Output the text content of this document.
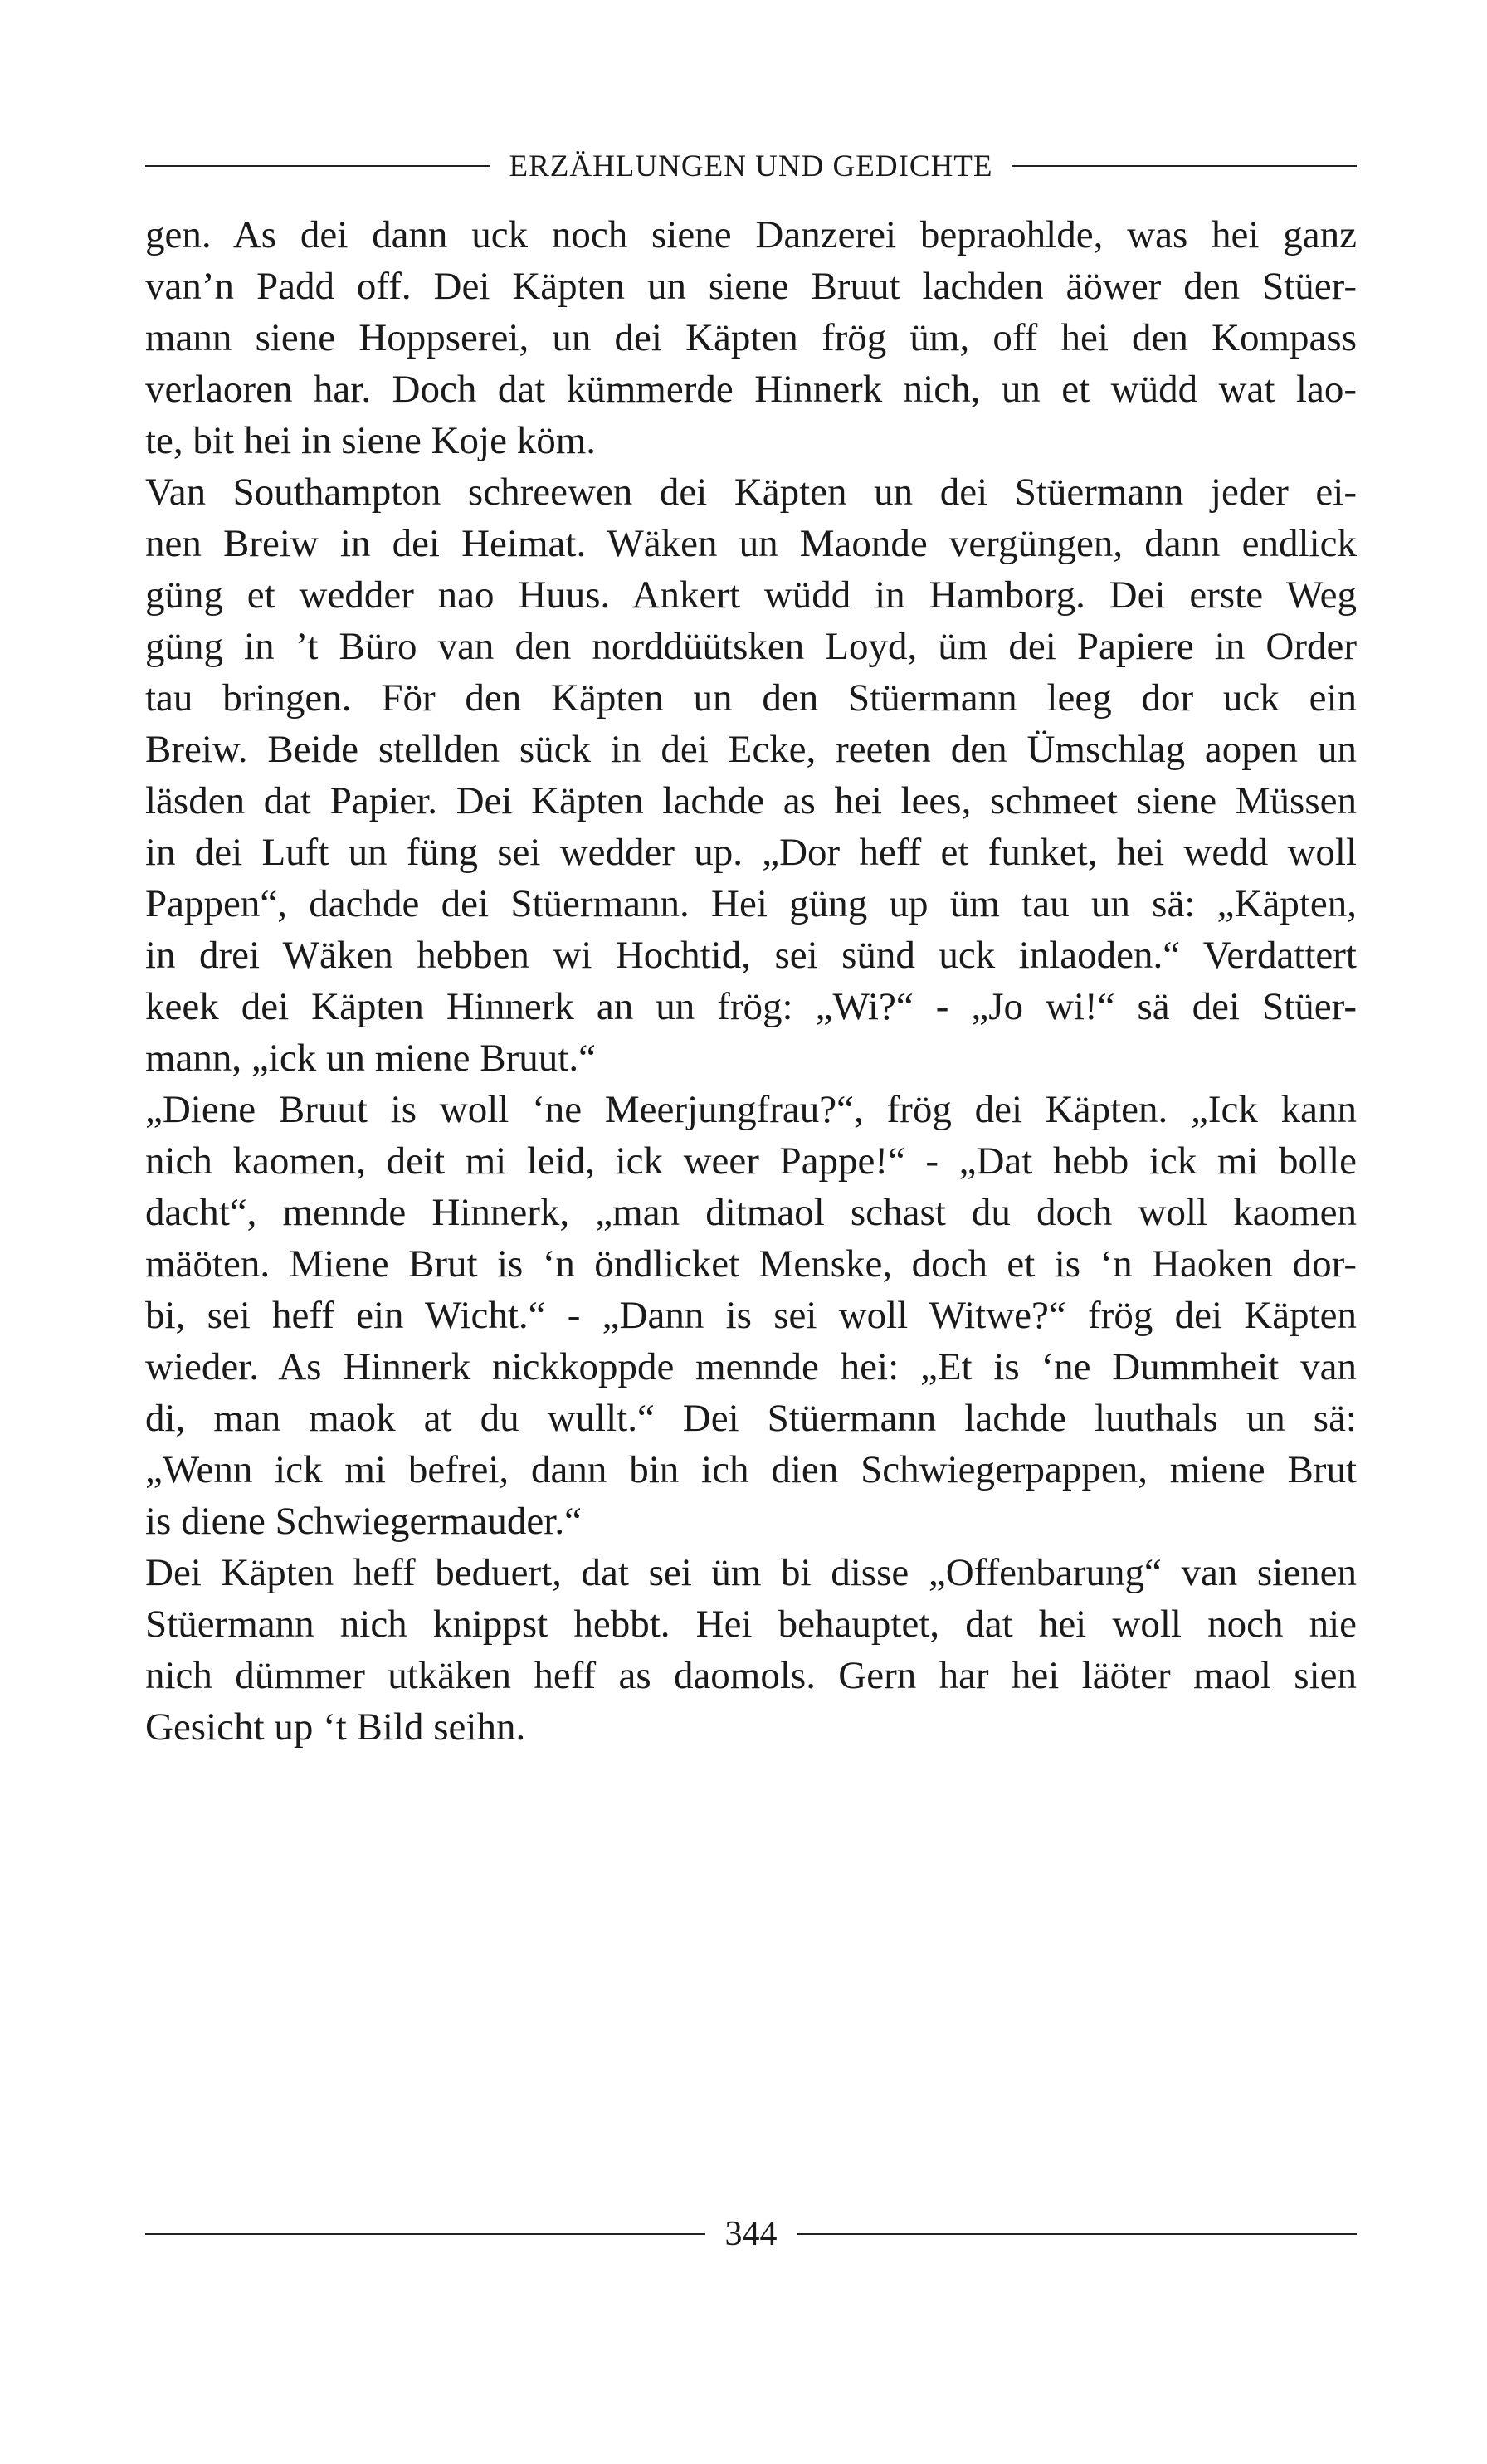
ERZÄHLUNGEN UND GEDICHTE

gen. As dei dann uck noch siene Danzerei bepraohlde, was hei ganz
van’n Padd off. Dei Käpten un siene Bruut lachden äöwer den Stüer-
mann siene Hoppserei, un dei Käpten frög üm, off hei den Kompass
verlaoren har. Doch dat kümmerde Hinnerk nich, un et wüdd wat lao-
te, bit hei in siene Koje köm.

Van Southampton schreewen dei Käpten un dei Stüermann jeder ei-
nen Breiw in dei Heimat. Wäken un Maonde vergüngen, dann endlick
güng et wedder nao Huus. Ankert wüdd in Hamborg. Dei erste Weg
güng in ’t Büro van den norddüütsken Loyd, üm dei Papiere in Order
tau bringen. För den Käpten un den Stüermann leeg dor uck ein
Breiw. Beide stellden sück in dei Ecke, reeten den Ümschlag aopen un
läsden dat Papier. Dei Käpten lachde as hei lees, schmeet siene Müssen
in dei Luft un füng sei wedder up. „Dor heff et funket, hei wedd woll
Pappen“, dachde dei Stüermann. Hei güng up üm tau un sä: „Käpten,
in drei Wäken hebben wi Hochtid, sei sünd uck inlaoden.“ Verdattert
keek dei Käpten Hinnerk an un frög: „Wi?“ - „Jo wi!“ sä dei Stüer-
mann, „ick un miene Bruut.“

„Diene Bruut is woll ‘ne Meerjungfrau?“, frög dei Käpten. „Ick kann
nich kaomen, deit mi leid, ick weer Pappe!“ - „Dat hebb ick mi bolle
dacht“, mennde Hinnerk, „man ditmaol schast du doch woll kaomen
mäöten. Miene Brut is ‘n öndlicket Menske, doch et is ‘n Haoken dor-
bi, sei heff ein Wicht.“ - „Dann is sei woll Witwe?“ frög dei Käpten
wieder. As Hinnerk nickkoppde mennde hei: „Et is ‘ne Dummheit van
di, man maok at du wullt.“ Dei Stüermann lachde luuthals un sä:
„Wenn ick mi befrei, dann bin ich dien Schwiegerpappen, miene Brut
is diene Schwiegermauder.“

Dei Käpten heff beduert, dat sei üm bi disse „Offenbarung“ van sienen
Stüermann nich knippst hebbt. Hei behauptet, dat hei woll noch nie
nich dümmer utkäken heff as daomols. Gern har hei läöter maol sien
Gesicht up ‘t Bild seihn.

344
